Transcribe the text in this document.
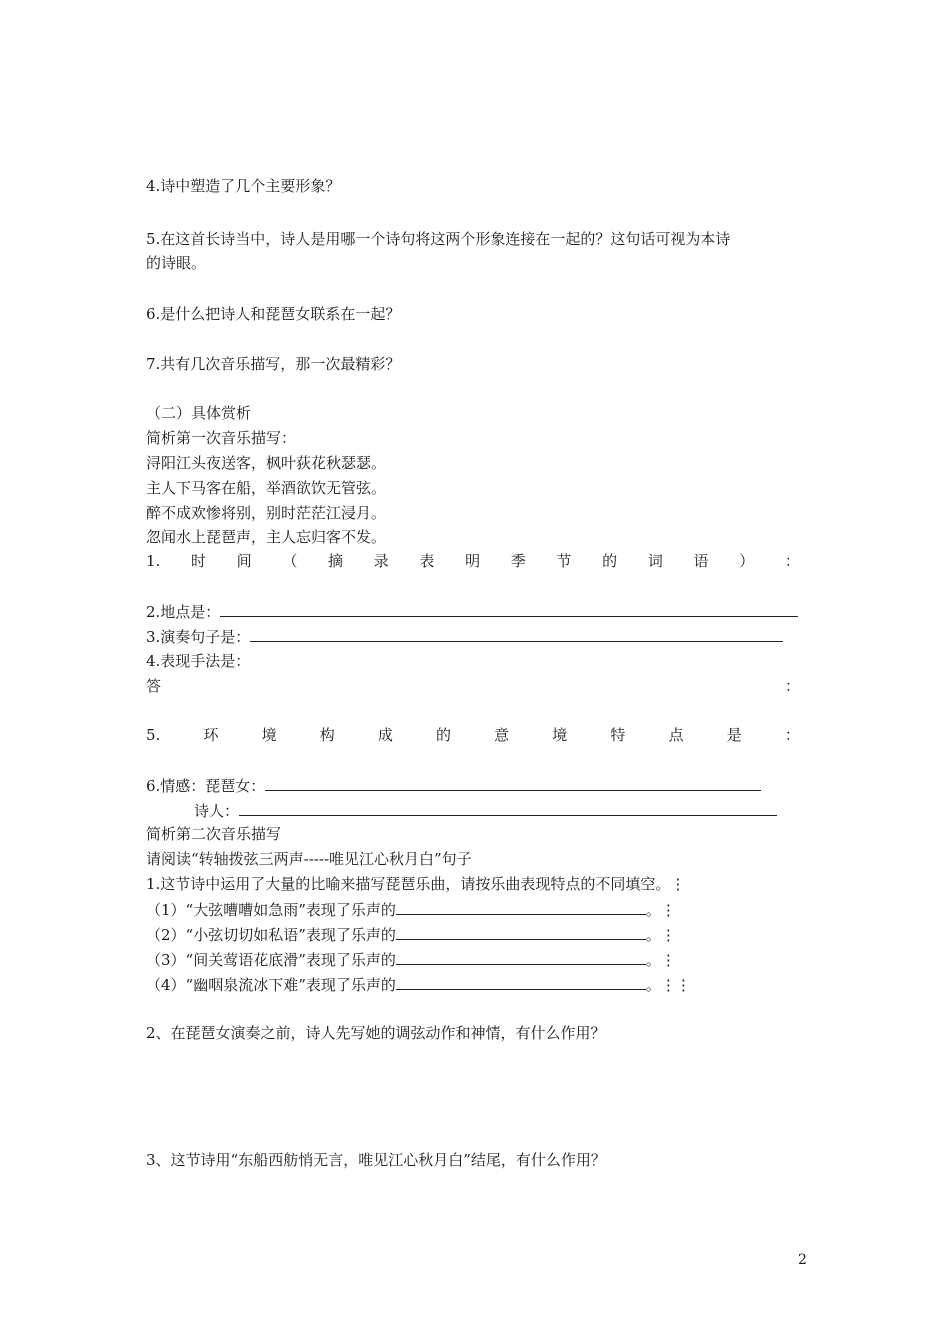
4.诗中塑造了几个主要形象？
5.在这首长诗当中，诗人是用哪一个诗句将这两个形象连接在一起的？这句话可视为本诗
的诗眼。
6.是什么把诗人和琵琶女联系在一起？
7.共有几次音乐描写，那一次最精彩？
（二）具体赏析
简析第一次音乐描写：
浔阳江头夜送客，枫叶荻花秋瑟瑟。
主人下马客在船，举酒欲饮无管弦。
醉不成欢惨将别，别时茫茫江浸月。
忽闻水上琵琶声，主人忘归客不发。
1. 时 间 （ 摘 录 表 明 季 节 的 词 语 ） ：
2.地点是：
3.演奏句子是：
4.表现手法是：
答	：
5.	环	境	构	成	的	意	境	特	点	是	：
6.情感：琵琶女：
诗人：
简析第二次音乐描写
请阅读“转轴拨弦三两声-----唯见江心秋月白”句子
1.这节诗中运用了大量的比喻来描写琵琶乐曲，请按乐曲表现特点的不同填空。⋮
（1）“大弦嘈嘈如急雨”表现了乐声的	。⋮
（2）“小弦切切如私语”表现了乐声的	。⋮
（3）“间关莺语花底滑”表现了乐声的	。⋮
（4）“幽咽泉流冰下难”表现了乐声的	。⋮⋮
2、在琵琶女演奏之前，诗人先写她的调弦动作和神情，有什么作用？
3、这节诗用“东船西舫悄无言，唯见江心秋月白”结尾，有什么作用？
2
